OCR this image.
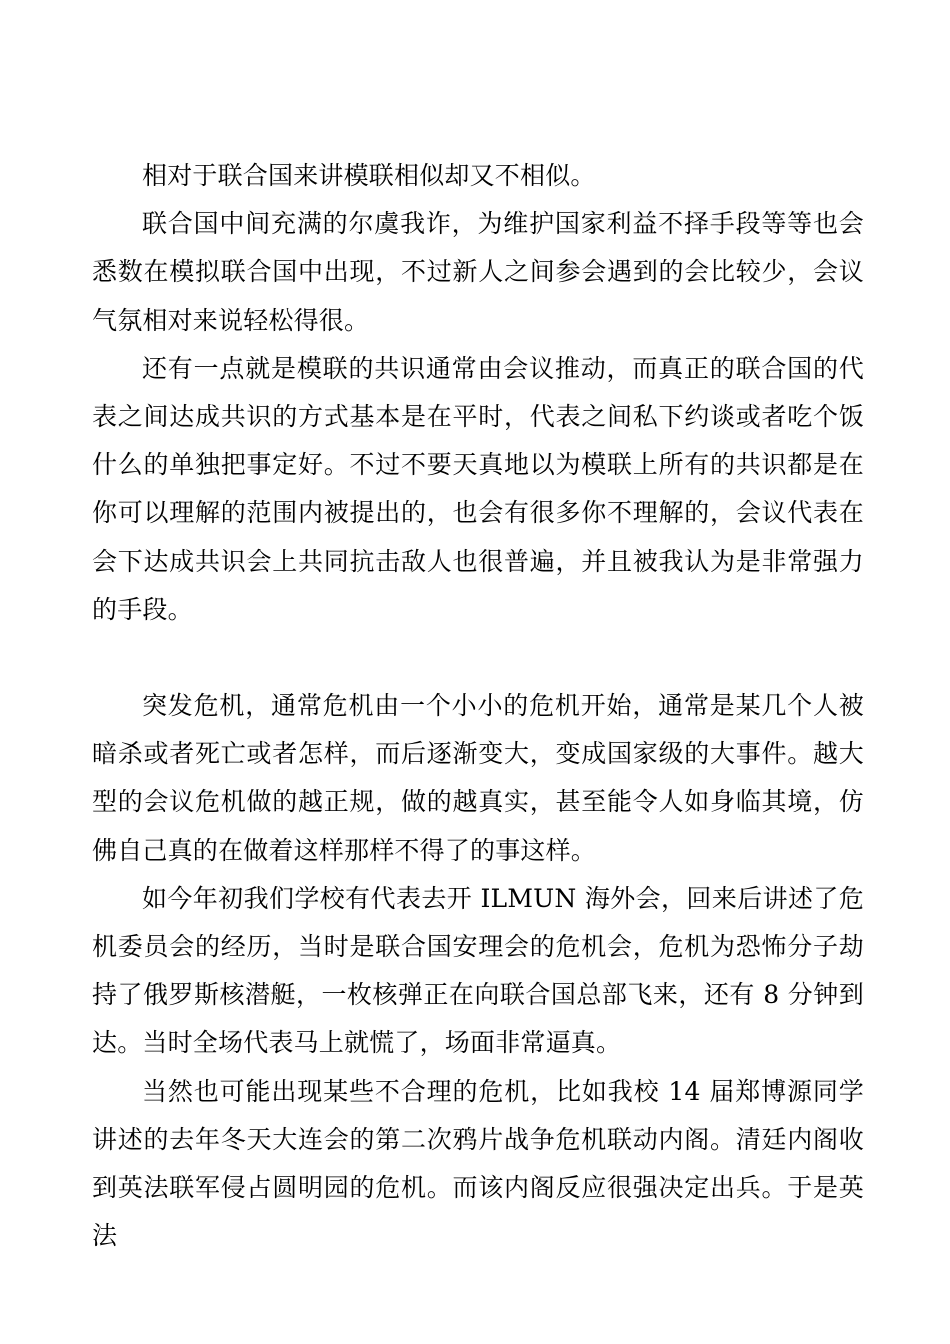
相对于联合国来讲模联相似却又不相似。

联合国中间充满的尔虞我诈，为维护国家利益不择手段等等也会悉数在模拟联合国中出现，不过新人之间参会遇到的会比较少，会议气氛相对来说轻松得很。

还有一点就是模联的共识通常由会议推动，而真正的联合国的代表之间达成共识的方式基本是在平时，代表之间私下约谈或者吃个饭什么的单独把事定好。不过不要天真地以为模联上所有的共识都是在你可以理解的范围内被提出的，也会有很多你不理解的，会议代表在会下达成共识会上共同抗击敌人也很普遍，并且被我认为是非常强力的手段。

突发危机，通常危机由一个小小的危机开始，通常是某几个人被暗杀或者死亡或者怎样，而后逐渐变大，变成国家级的大事件。越大型的会议危机做的越正规，做的越真实，甚至能令人如身临其境，仿佛自己真的在做着这样那样不得了的事这样。

如今年初我们学校有代表去开 ILMUN 海外会，回来后讲述了危机委员会的经历，当时是联合国安理会的危机会，危机为恐怖分子劫持了俄罗斯核潜艇，一枚核弹正在向联合国总部飞来，还有 8 分钟到达。当时全场代表马上就慌了，场面非常逼真。

当然也可能出现某些不合理的危机，比如我校 14 届郑博源同学讲述的去年冬天大连会的第二次鸦片战争危机联动内阁。清廷内阁收到英法联军侵占圆明园的危机。而该内阁反应很强决定出兵。于是英法
